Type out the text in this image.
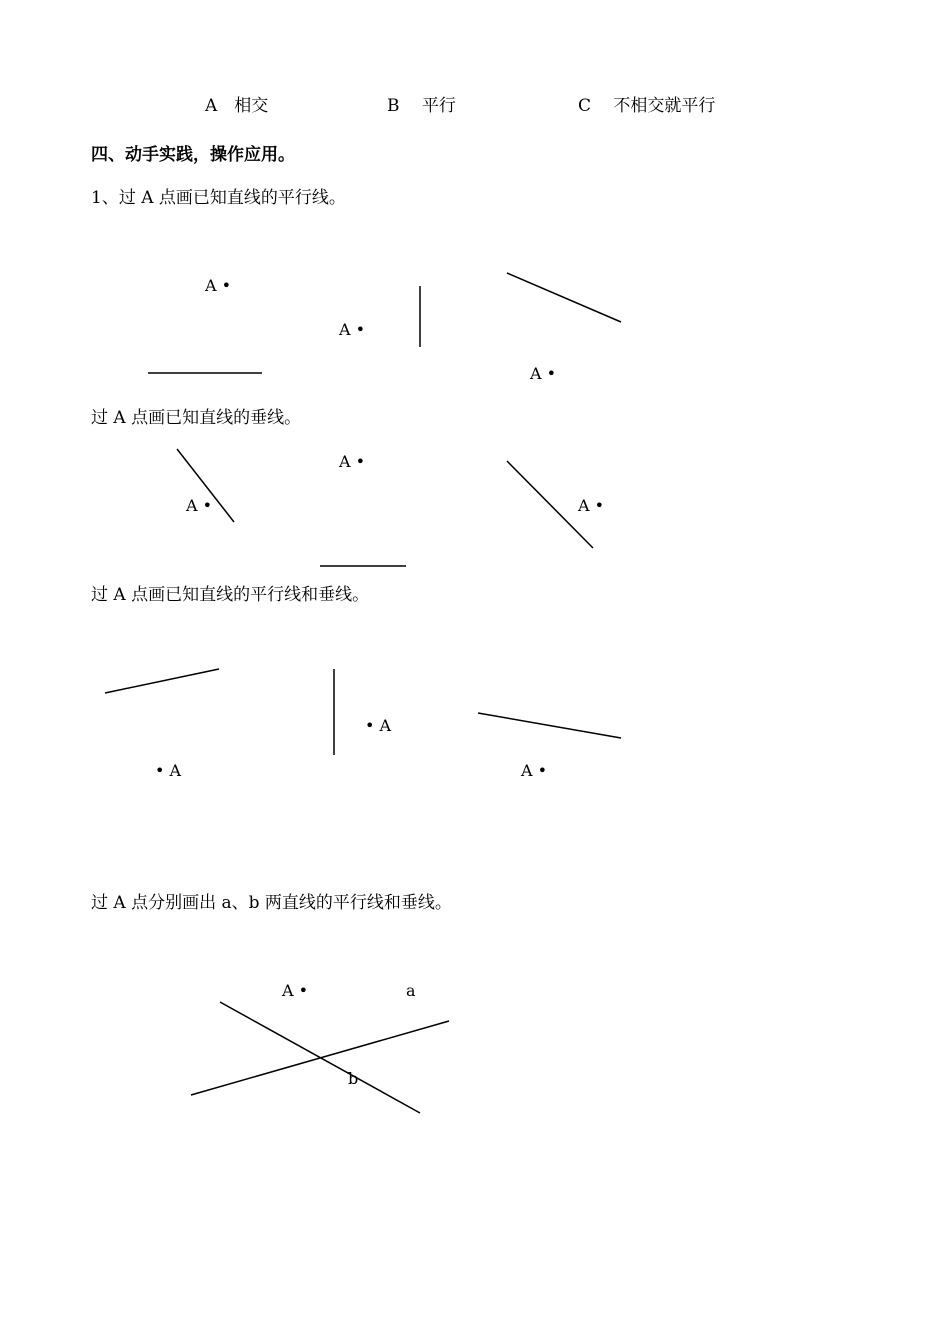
A　相交	B　 平行	C　 不相交就平行
四、动手实践，操作应用。
1、过 A 点画已知直线的平行线。
过 A 点画已知直线的垂线。
过 A 点画已知直线的平行线和垂线。
过 A 点分别画出 a、b 两直线的平行线和垂线。
A •
A •
A •
A •
A •
A •
• A
• A
A •
A •	a
b
